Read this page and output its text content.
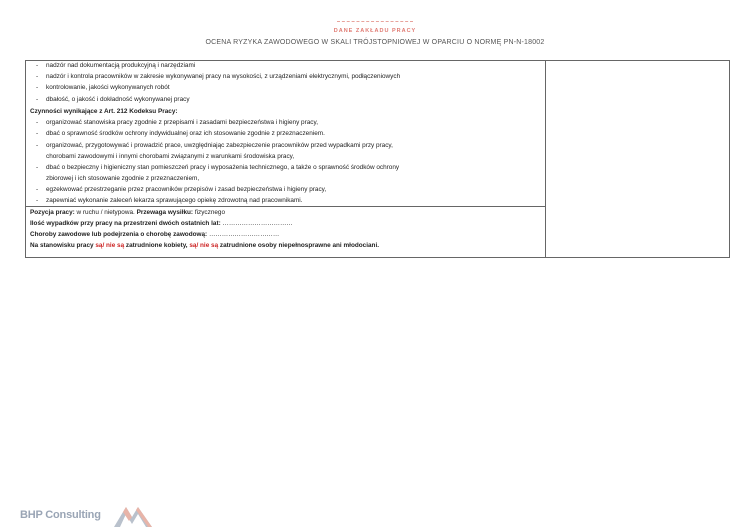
DANE ZAKŁADU PRACY
OCENA RYZYKA ZAWODOWEGO W SKALI TRÓJSTOPNIOWEJ W OPARCIU O NORMĘ PN-N-18002
- nadzór nad dokumentacją produkcyjną i narzędziami
- nadzór i kontrola pracowników w zakresie wykonywanej pracy na wysokości, z urządzeniami elektrycznymi, podłączeniowych
- kontrolowanie, jakości wykonywanych robót
- dbałość, o jakość i dokładność wykonywanej pracy
Czynności wynikające z Art. 212 Kodeksu Pracy:
- organizować stanowiska pracy zgodnie z przepisami i zasadami bezpieczeństwa i higieny pracy,
- dbać o sprawność środków ochrony indywidualnej oraz ich stosowanie zgodnie z przeznaczeniem.
- organizować, przygotowywać i prowadzić prace, uwzględniając zabezpieczenie pracowników przed wypadkami przy pracy,
chorobami zawodowymi i innymi chorobami związanymi z warunkami środowiska pracy,
- dbać o bezpieczny i higieniczny stan pomieszczeń pracy i wyposażenia technicznego, a także o sprawność środków ochrony
zbiorowej i ich stosowanie zgodnie z przeznaczeniem,
- egzekwować przestrzeganie przez pracowników przepisów i zasad bezpieczeństwa i higieny pracy,
- zapewniać wykonanie zaleceń lekarza sprawującego opiekę zdrowotną nad pracownikami.
Pozycja pracy: w ruchu / nietypowa. Przewaga wysiłku: fizycznego
Ilość wypadków przy pracy na przestrzeni dwóch ostatnich lat: ……………………………
Choroby zawodowe lub podejrzenia o chorobę zawodową: ……………………………
Na stanowisku pracy są/ nie są zatrudnione kobiety, są/ nie są zatrudnione osoby niepełnosprawne ani młodociani.
BHP Consulting
